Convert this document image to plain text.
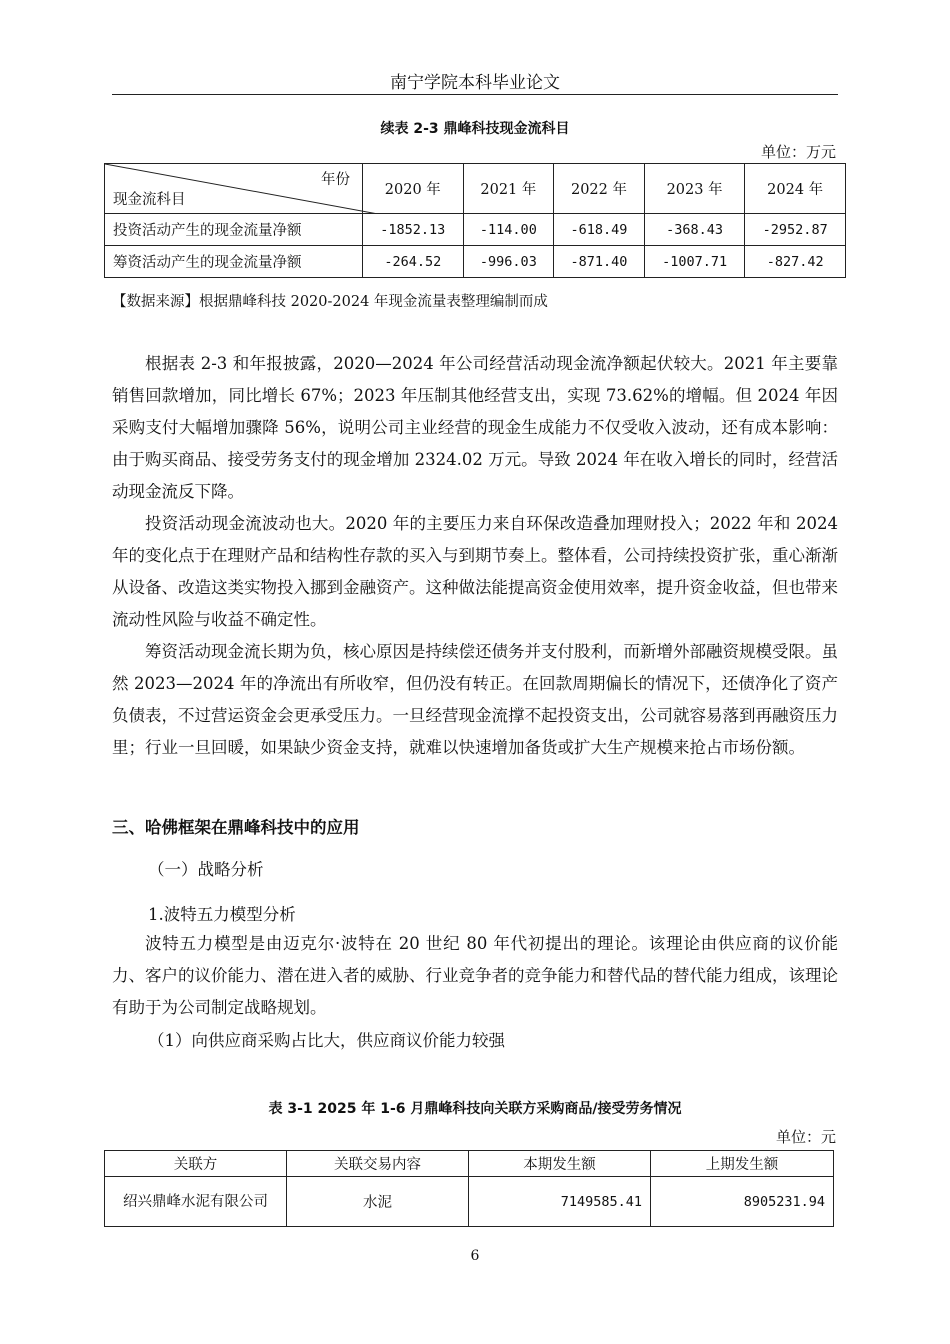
南宁学院本科毕业论文
续表 2-3 鼎峰科技现金流科目
单位：万元
年份
现金流科目	2020 年	2021 年	2022 年	2023 年	2024 年
投资活动产生的现金流量净额	-1852.13	-114.00	-618.49	-368.43	-2952.87
筹资活动产生的现金流量净额	-264.52	-996.03	-871.40	-1007.71	-827.42
【数据来源】根据鼎峰科技 2020-2024 年现金流量表整理编制而成
根据表 2-3 和年报披露，2020—2024 年公司经营活动现金流净额起伏较大。2021 年主要靠销售回款增加，同比增长 67%；2023 年压制其他经营支出，实现 73.62%的增幅。但 2024 年因采购支付大幅增加骤降 56%，说明公司主业经营的现金生成能力不仅受收入波动，还有成本影响：由于购买商品、接受劳务支付的现金增加 2324.02 万元。导致 2024 年在收入增长的同时，经营活动现金流反下降。
投资活动现金流波动也大。2020 年的主要压力来自环保改造叠加理财投入；2022 年和 2024 年的变化点于在理财产品和结构性存款的买入与到期节奏上。整体看，公司持续投资扩张，重心渐渐从设备、改造这类实物投入挪到金融资产。这种做法能提高资金使用效率，提升资金收益，但也带来流动性风险与收益不确定性。
筹资活动现金流长期为负，核心原因是持续偿还债务并支付股利，而新增外部融资规模受限。虽然 2023—2024 年的净流出有所收窄，但仍没有转正。在回款周期偏长的情况下，还债净化了资产负债表，不过营运资金会更承受压力。一旦经营现金流撑不起投资支出，公司就容易落到再融资压力里；行业一旦回暖，如果缺少资金支持，就难以快速增加备货或扩大生产规模来抢占市场份额。
三、哈佛框架在鼎峰科技中的应用
（一）战略分析
1.波特五力模型分析
波特五力模型是由迈克尔·波特在 20 世纪 80 年代初提出的理论。该理论由供应商的议价能力、客户的议价能力、潜在进入者的威胁、行业竞争者的竞争能力和替代品的替代能力组成，该理论有助于为公司制定战略规划。
（1）向供应商采购占比大，供应商议价能力较强
表 3-1 2025 年 1-6 月鼎峰科技向关联方采购商品/接受劳务情况
单位：元
关联方	关联交易内容	本期发生额	上期发生额
绍兴鼎峰水泥有限公司	水泥	7149585.41	8905231.94
6
